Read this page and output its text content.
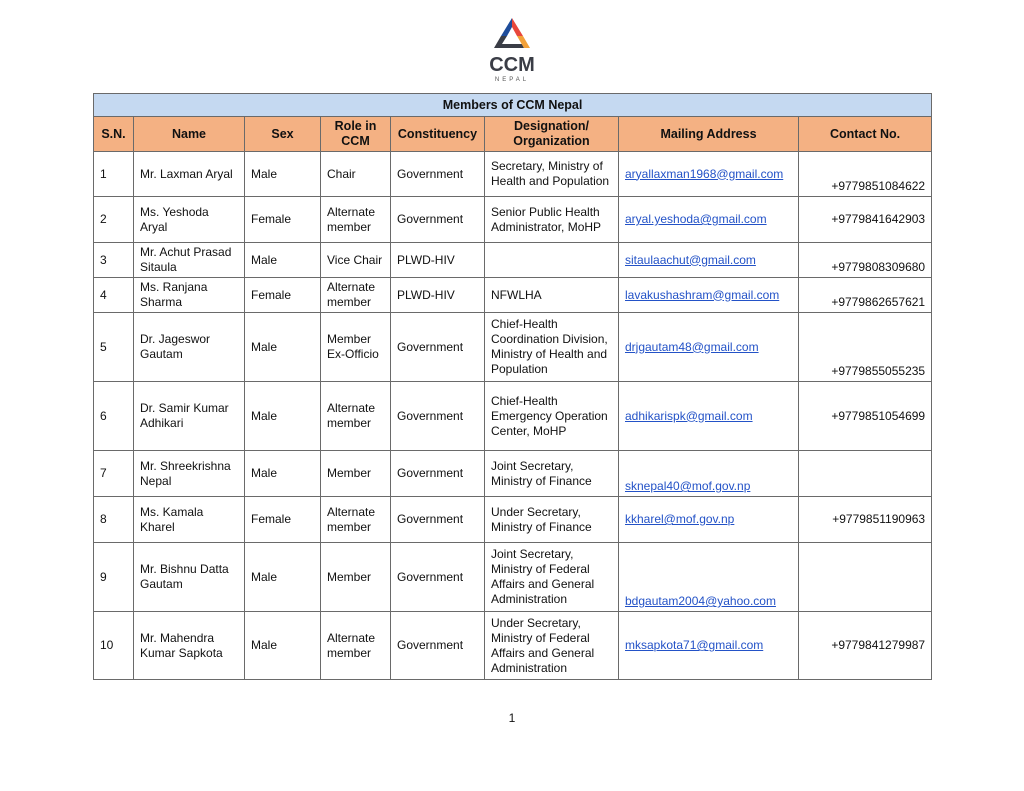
CCM
NEPAL
Members of CCM Nepal							
S.N.	Name	Sex	Role in CCM	Constituency	Designation/ Organization	Mailing Address	Contact No.
1	Mr. Laxman Aryal	Male	Chair	Government	Secretary, Ministry of Health and Population	aryallaxman1968@gmail.com	+9779851084622
2	Ms. Yeshoda Aryal	Female	Alternate member	Government	Senior Public Health Administrator, MoHP	aryal.yeshoda@gmail.com	+9779841642903
3	Mr. Achut Prasad Sitaula	Male	Vice Chair	PLWD-HIV		sitaulaachut@gmail.com	+9779808309680
4	Ms. Ranjana Sharma	Female	Alternate member	PLWD-HIV	NFWLHA	lavakushashram@gmail.com	+9779862657621
5	Dr. Jageswor Gautam	Male	Member Ex-Officio	Government	Chief-Health Coordination Division, Ministry of Health and Population	drjgautam48@gmail.com	+9779855055235
6	Dr. Samir Kumar Adhikari	Male	Alternate member	Government	Chief-Health Emergency Operation Center, MoHP	adhikarispk@gmail.com	+9779851054699
7	Mr. Shreekrishna Nepal	Male	Member	Government	Joint Secretary, Ministry of Finance	sknepal40@mof.gov.np	
8	Ms. Kamala Kharel	Female	Alternate member	Government	Under Secretary, Ministry of Finance	kkharel@mof.gov.np	+9779851190963
9	Mr. Bishnu Datta Gautam	Male	Member	Government	Joint Secretary, Ministry of Federal Affairs and General Administration	bdgautam2004@yahoo.com	
10	Mr. Mahendra Kumar Sapkota	Male	Alternate member	Government	Under Secretary, Ministry of Federal Affairs and General Administration	mksapkota71@gmail.com	+9779841279987
1
